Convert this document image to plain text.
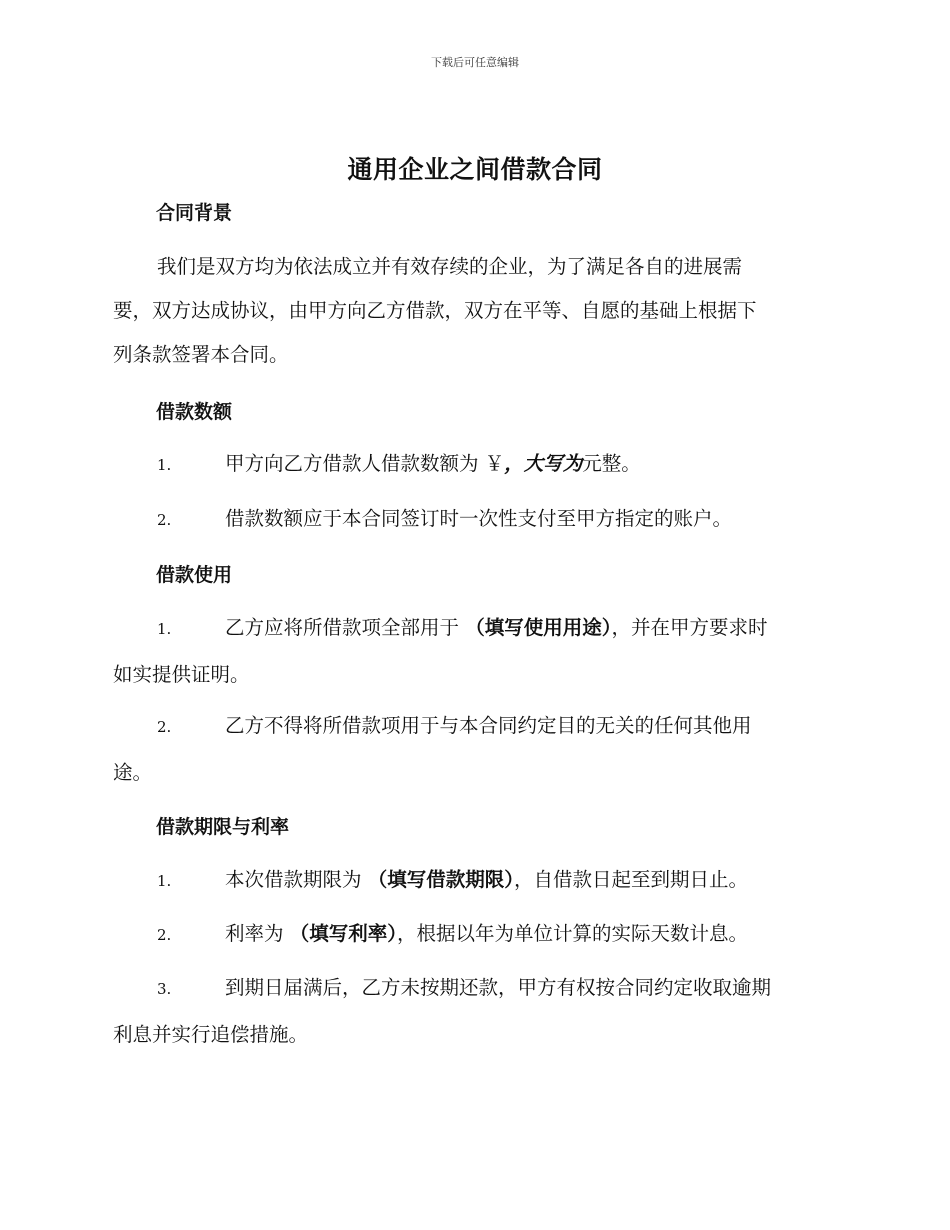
下载后可任意编辑
通用企业之间借款合同
合同背景
我们是双方均为依法成立并有效存续的企业，为了满足各自的进展需
要，双方达成协议，由甲方向乙方借款，双方在平等、自愿的基础上根据下
列条款签署本合同。
借款数额
1.	甲方向乙方借款人借款数额为 ￥，大写为元整。
2.	借款数额应于本合同签订时一次性支付至甲方指定的账户。
借款使用
1.	乙方应将所借款项全部用于 （填写使用用途），并在甲方要求时
如实提供证明。
2.	乙方不得将所借款项用于与本合同约定目的无关的任何其他用
途。
借款期限与利率
1.	本次借款期限为 （填写借款期限），自借款日起至到期日止。
2.	利率为 （填写利率），根据以年为单位计算的实际天数计息。
3.	到期日届满后，乙方未按期还款，甲方有权按合同约定收取逾期
利息并实行追偿措施。
